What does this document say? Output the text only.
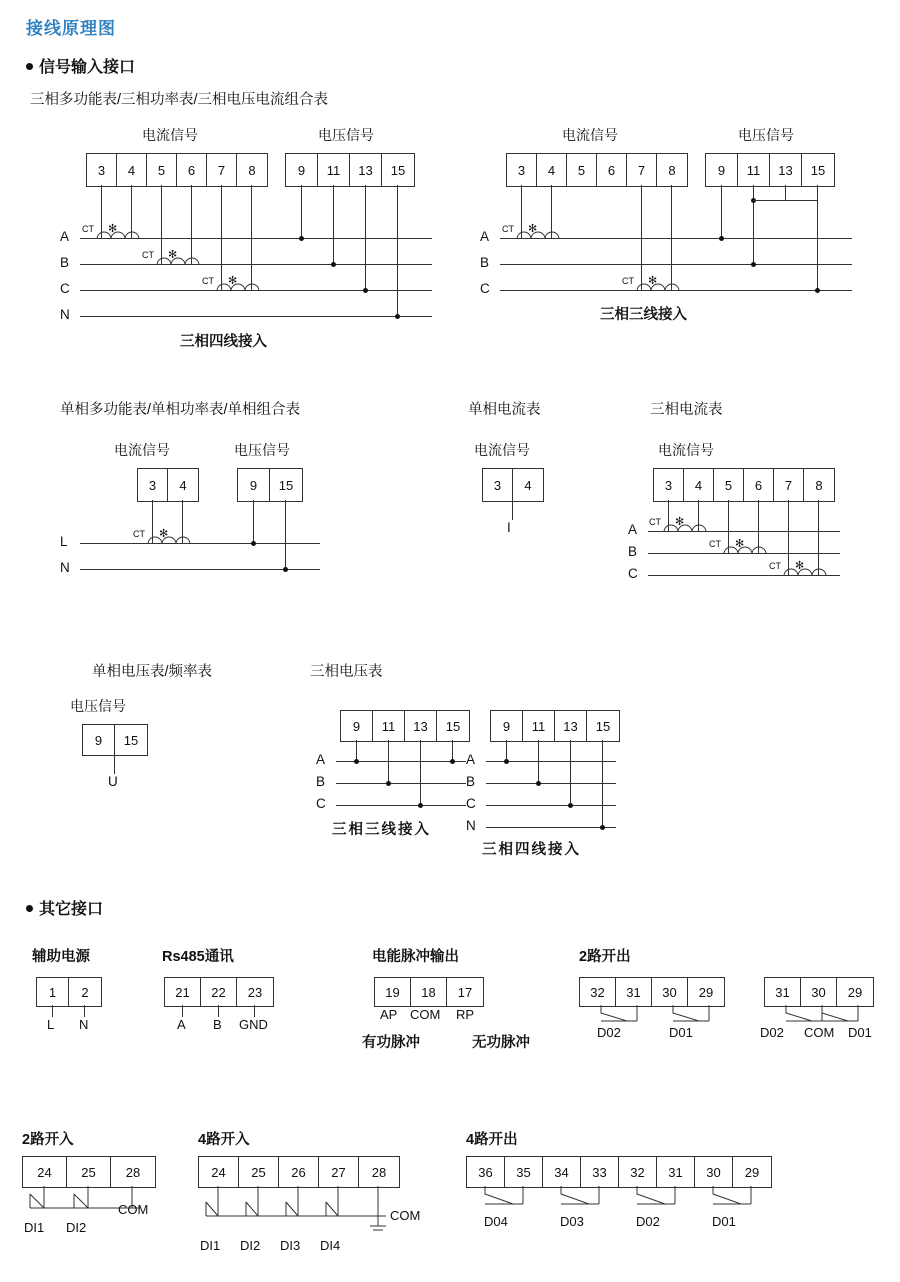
接线原理图
信号输入接口
三相多功能表/三相功率表/三相电压电流组合表
电流信号	电压信号
3	4	5	6	7	8	9	11	13	15
A
B
C
N
CT ✻
CT ✻
CT ✻
三相四线接入
电流信号	电压信号
3	4	5	6	7	8	9	11	13	15
A
B
C
CT ✻
CT ✻
三相三线接入
单相多功能表/单相功率表/单相组合表	单相电流表	三相电流表
电流信号	电压信号
3	4	9	15
L
N
CT ✻
电流信号
3	4
I
电流信号
3	4	5	6	7	8
A
B
C
CT ✻
CT ✻
CT ✻
单相电压表/频率表	三相电压表
电压信号
9	15
U
9	11	13	15
A
B
C
三相三线接入
9	11	13	15
A
B
C
N
三相四线接入
其它接口
辅助电源
1	2
L N
Rs485通讯
21	22	23
A B GND
电能脉冲输出
19	18	17
AP COM RP
有功脉冲	无功脉冲
2路开出
32	31	30	29
D02	D01
31	30	29
D02 COM D01
2路开入
24	25	28
DI1 DI2
COM
4路开入
24	25	26	27	28
DI1 DI2 DI3 DI4
COM
4路开出
36	35	34	33	32	31	30	29
D04	D03	D02	D01
